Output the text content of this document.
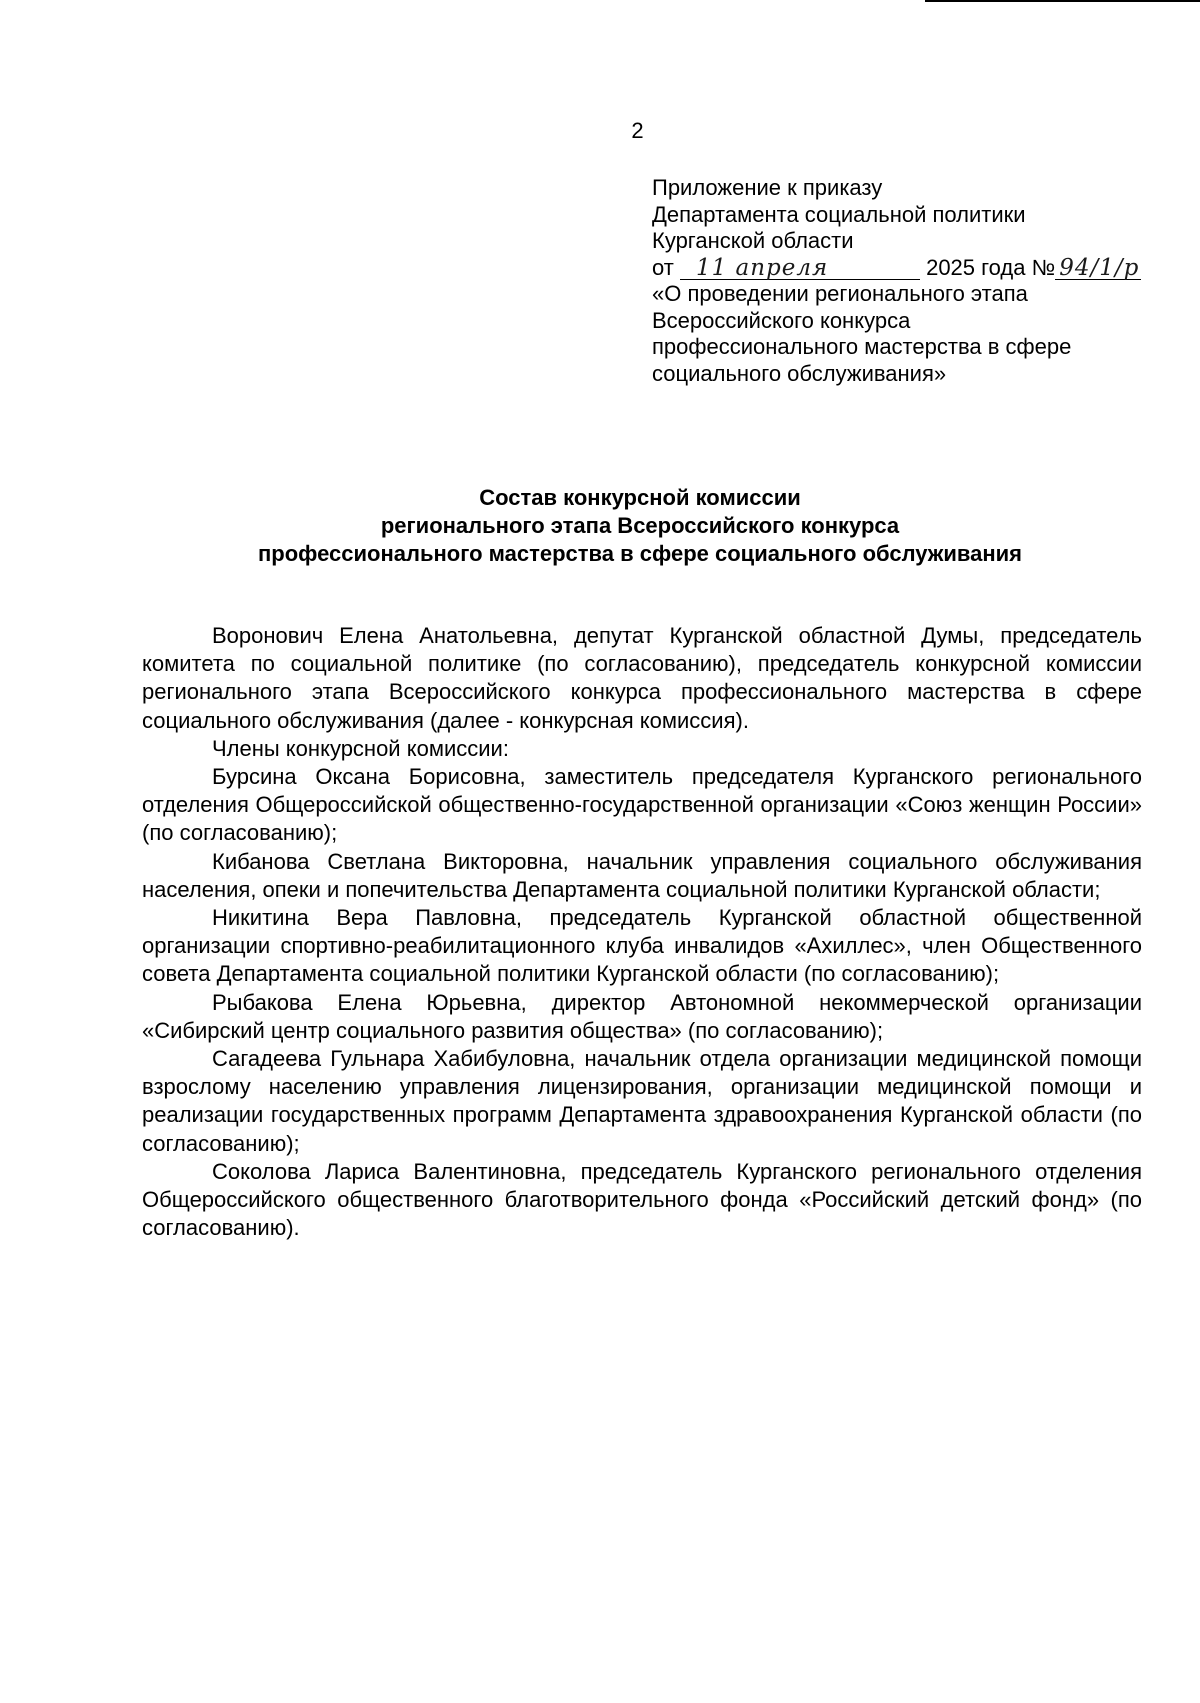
2
Приложение к приказу
Департамента социальной политики
Курганской области
от 11 апреля	2025 года № 94/1/р
«О проведении регионального этапа
Всероссийского конкурса
профессионального мастерства в сфере
социального обслуживания»
Состав конкурсной комиссии
регионального этапа Всероссийского конкурса
профессионального мастерства в сфере социального обслуживания

Воронович Елена Анатольевна, депутат Курганской областной Думы, председатель комитета по социальной политике (по согласованию), председатель конкурсной комиссии регионального этапа Всероссийского конкурса профессионального мастерства в сфере социального обслуживания (далее - конкурсная комиссия).

Члены конкурсной комиссии:

Бурсина Оксана Борисовна, заместитель председателя Курганского регионального отделения Общероссийской общественно-государственной организации «Союз женщин России» (по согласованию);

Кибанова Светлана Викторовна, начальник управления социального обслуживания населения, опеки и попечительства Департамента социальной политики Курганской области;

Никитина Вера Павловна, председатель Курганской областной общественной организации спортивно-реабилитационного клуба инвалидов «Ахиллес», член Общественного совета Департамента социальной политики Курганской области (по согласованию);

Рыбакова Елена Юрьевна, директор Автономной некоммерческой организации «Сибирский центр социального развития общества» (по согласованию);

Сагадеева Гульнара Хабибуловна, начальник отдела организации медицинской помощи взрослому населению управления лицензирования, организации медицинской помощи и реализации государственных программ Департамента здравоохранения Курганской области (по согласованию);

Соколова Лариса Валентиновна, председатель Курганского регионального отделения Общероссийского общественного благотворительного фонда «Российский детский фонд» (по согласованию).
